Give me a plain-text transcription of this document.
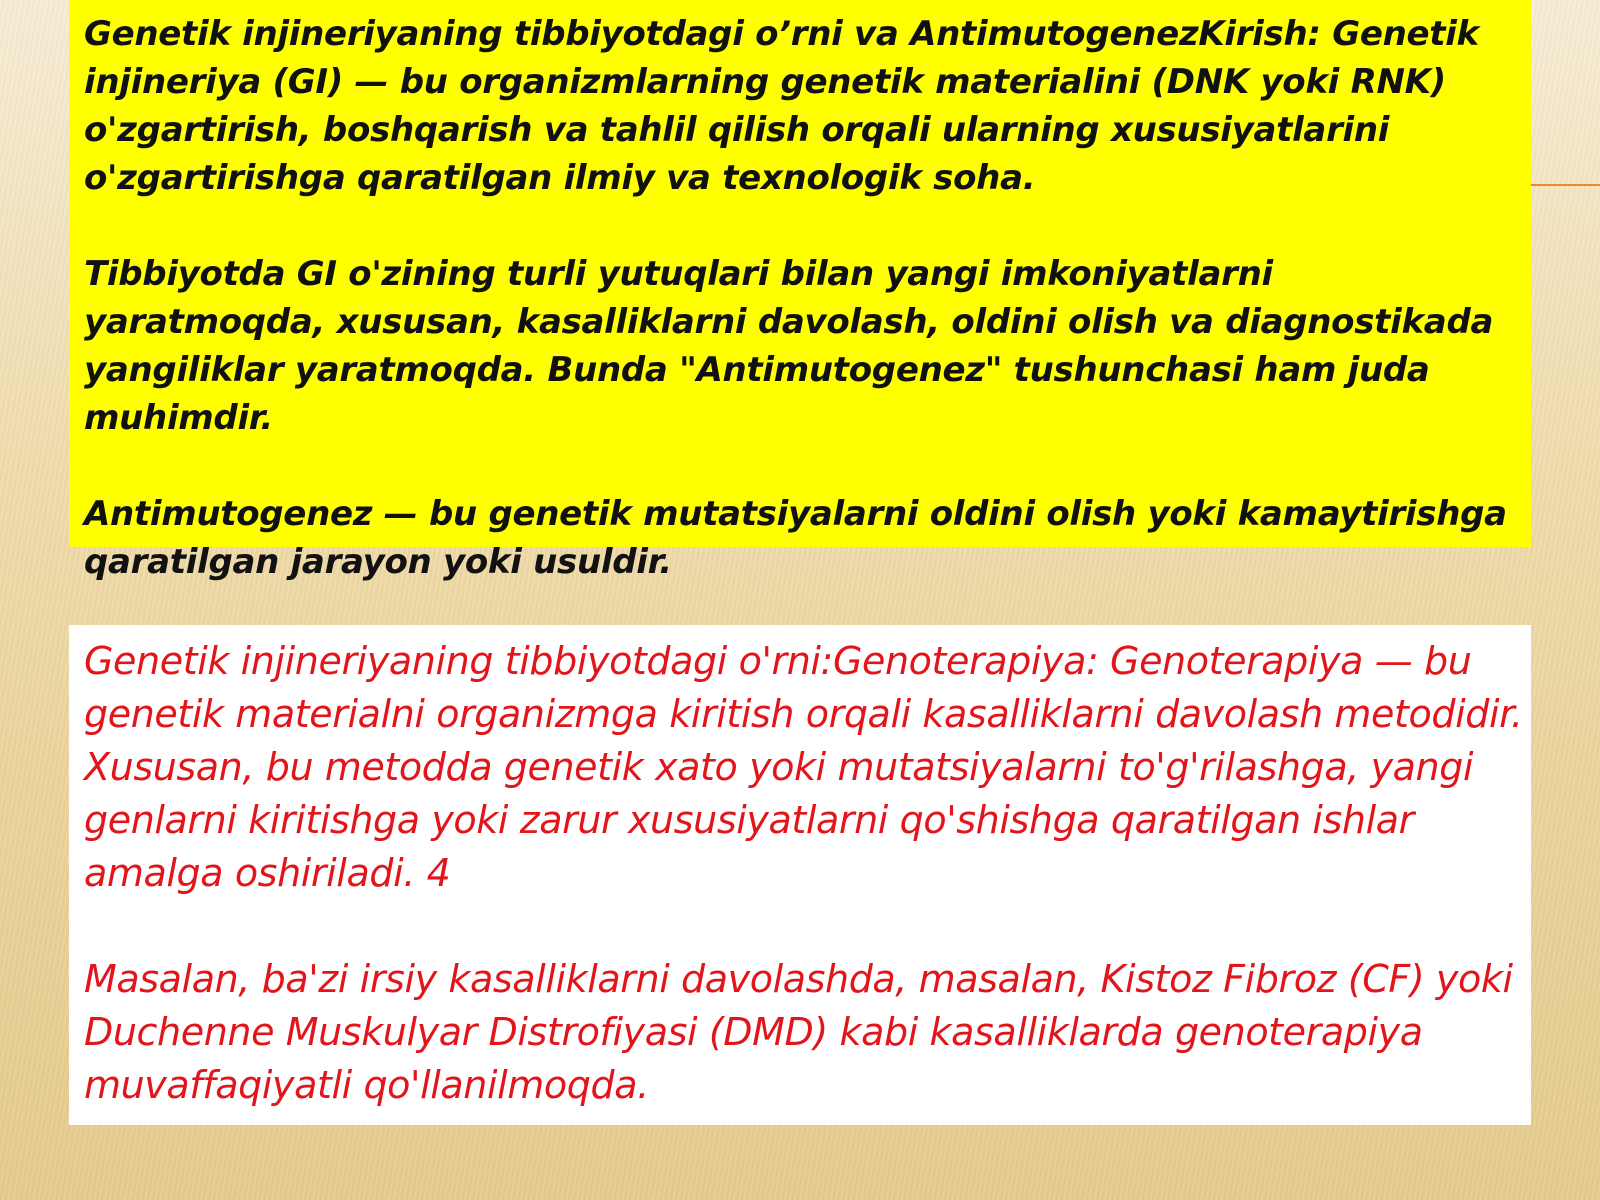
Genetik injineriyaning tibbiyotdagi o’rni va AntimutogenezKirish: Genetik injineriya (GI) — bu organizmlarning genetik materialini (DNK yoki RNK) o'zgartirish, boshqarish va tahlil qilish orqali ularning xususiyatlarini o'zgartirishga qaratilgan ilmiy va texnologik soha.

Tibbiyotda GI o'zining turli yutuqlari bilan yangi imkoniyatlarni yaratmoqda, xususan, kasalliklarni davolash, oldini olish va diagnostikada yangiliklar yaratmoqda. Bunda "Antimutogenez" tushunchasi ham juda muhimdir.

Antimutogenez — bu genetik mutatsiyalarni oldini olish yoki kamaytirishga qaratilgan jarayon yoki usuldir.

Genetik injineriyaning tibbiyotdagi o'rni:Genoterapiya: Genoterapiya — bu genetik materialni organizmga kiritish orqali kasalliklarni davolash metodidir. Xususan, bu metodda genetik xato yoki mutatsiyalarni to'g'rilashga, yangi genlarni kiritishga yoki zarur xususiyatlarni qo'shishga qaratilgan ishlar amalga oshiriladi. 4

Masalan, ba'zi irsiy kasalliklarni davolashda, masalan, Kistoz Fibroz (CF) yoki Duchenne Muskulyar Distrofiyasi (DMD) kabi kasalliklarda genoterapiya muvaffaqiyatli qo'llanilmoqda.
